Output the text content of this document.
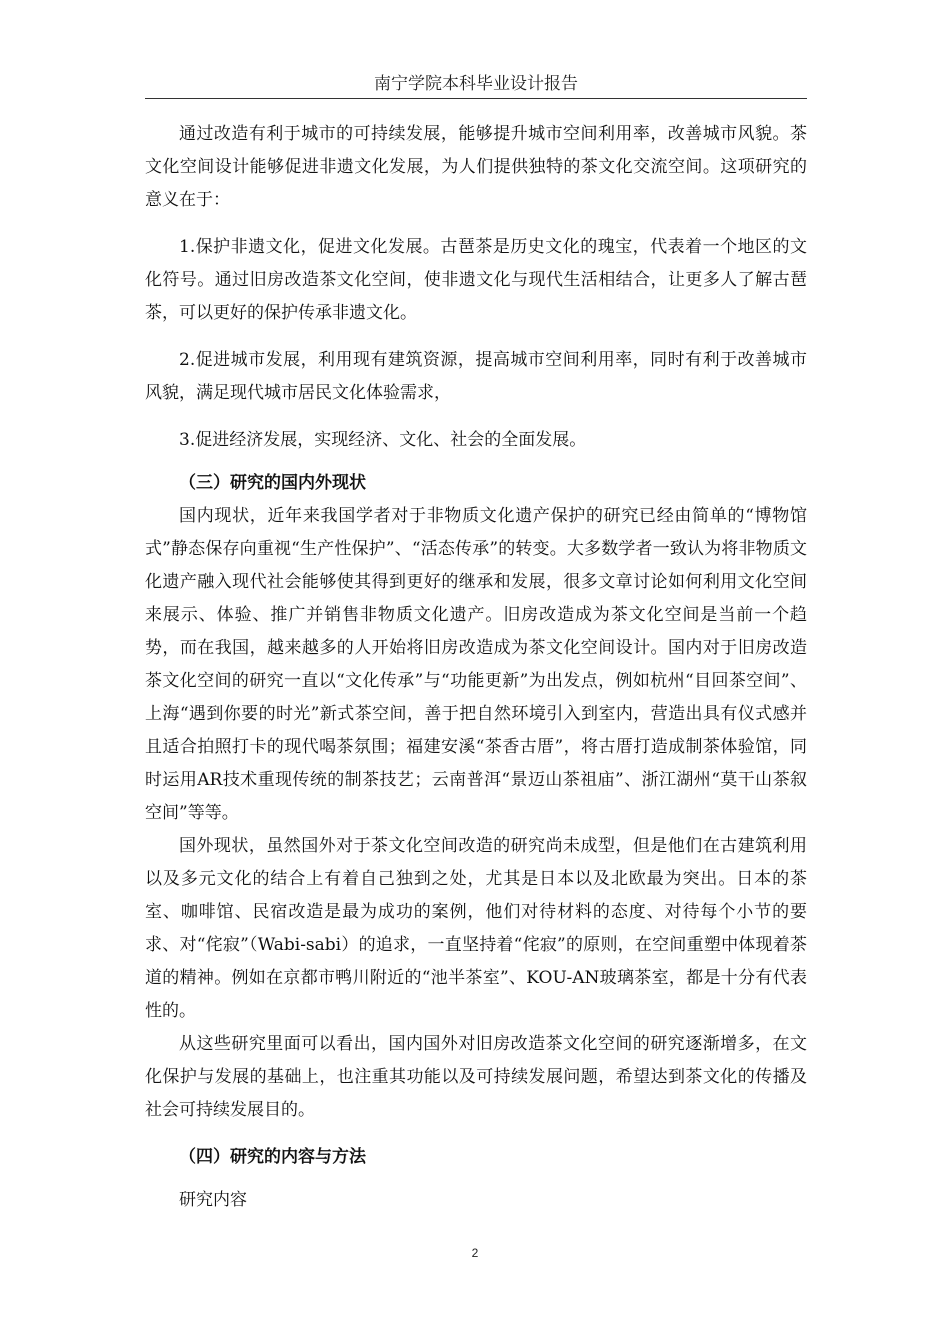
南宁学院本科毕业设计报告

通过改造有利于城市的可持续发展，能够提升城市空间利用率，改善城市风貌。茶文化空间设计能够促进非遗文化发展，为人们提供独特的茶文化交流空间。这项研究的意义在于：

1.保护非遗文化，促进文化发展。古琶茶是历史文化的瑰宝，代表着一个地区的文化符号。通过旧房改造茶文化空间，使非遗文化与现代生活相结合，让更多人了解古琶茶，可以更好的保护传承非遗文化。

2.促进城市发展，利用现有建筑资源，提高城市空间利用率，同时有利于改善城市风貌，满足现代城市居民文化体验需求，

3.促进经济发展，实现经济、文化、社会的全面发展。

（三）研究的国内外现状

国内现状，近年来我国学者对于非物质文化遗产保护的研究已经由简单的“博物馆式”静态保存向重视“生产性保护”、“活态传承”的转变。大多数学者一致认为将非物质文化遗产融入现代社会能够使其得到更好的继承和发展，很多文章讨论如何利用文化空间来展示、体验、推广并销售非物质文化遗产。旧房改造成为茶文化空间是当前一个趋势，而在我国，越来越多的人开始将旧房改造成为茶文化空间设计。国内对于旧房改造茶文化空间的研究一直以“文化传承”与“功能更新”为出发点，例如杭州“目回茶空间”、上海“遇到你要的时光”新式茶空间，善于把自然环境引入到室内，营造出具有仪式感并且适合拍照打卡的现代喝茶氛围；福建安溪“茶香古厝”，将古厝打造成制茶体验馆，同时运用AR技术重现传统的制茶技艺；云南普洱“景迈山茶祖庙”、浙江湖州“莫干山茶叙空间”等等。

国外现状，虽然国外对于茶文化空间改造的研究尚未成型，但是他们在古建筑利用以及多元文化的结合上有着自己独到之处，尤其是日本以及北欧最为突出。日本的茶室、咖啡馆、民宿改造是最为成功的案例，他们对待材料的态度、对待每个小节的要求、对“侘寂”（Wabi-sabi）的追求，一直坚持着“侘寂”的原则，在空间重塑中体现着茶道的精神。例如在京都市鸭川附近的“池半茶室”、KOU-AN玻璃茶室，都是十分有代表性的。

从这些研究里面可以看出，国内国外对旧房改造茶文化空间的研究逐渐增多，在文化保护与发展的基础上，也注重其功能以及可持续发展问题，希望达到茶文化的传播及社会可持续发展目的。

（四）研究的内容与方法

研究内容

2
